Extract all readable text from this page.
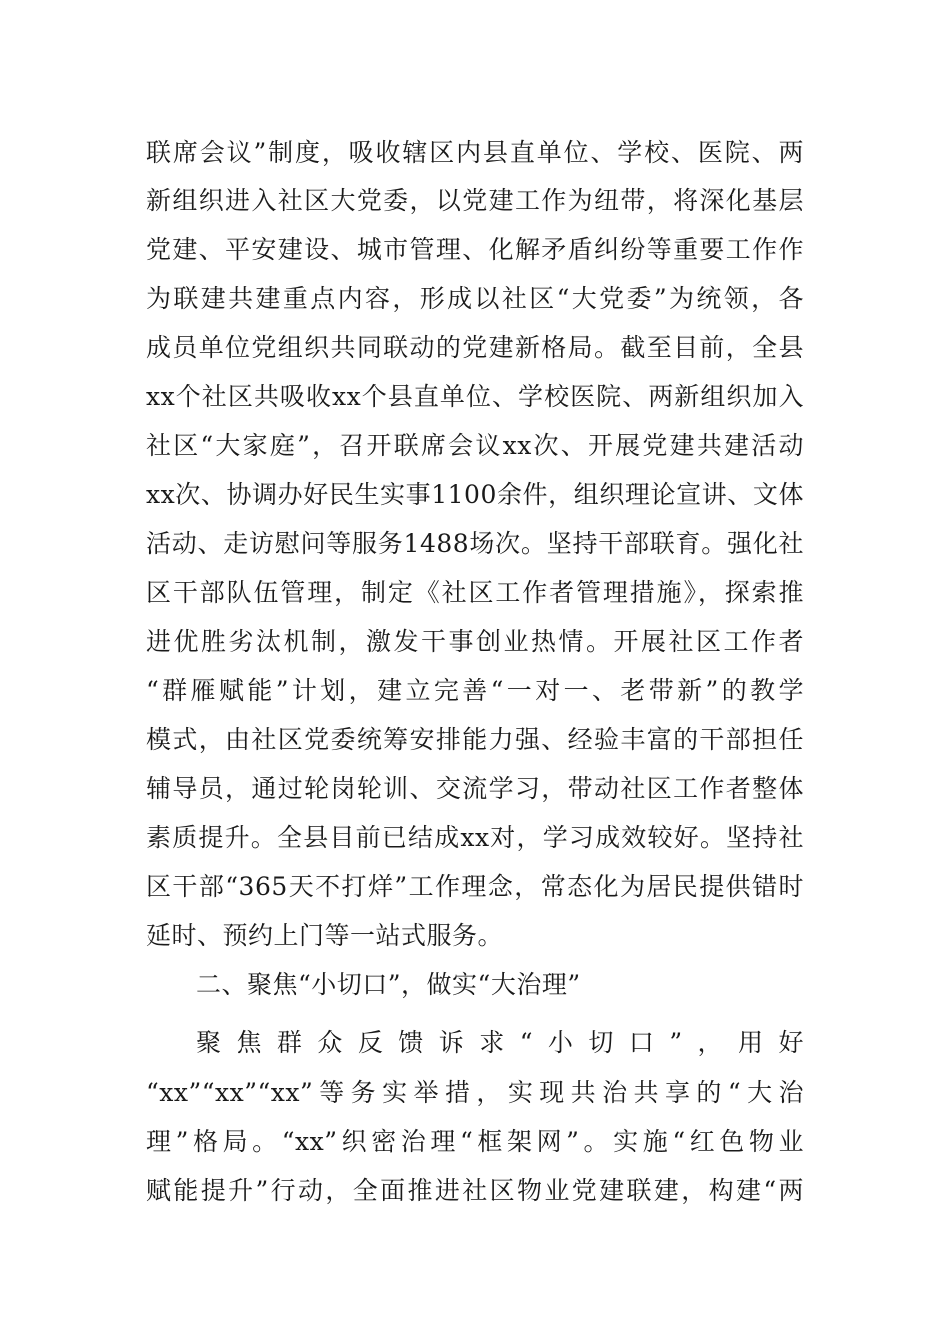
联席会议”制度，吸收辖区内县直单位、学校、医院、两
新组织进入社区大党委，以党建工作为纽带，将深化基层
党建、平安建设、城市管理、化解矛盾纠纷等重要工作作
为联建共建重点内容，形成以社区“大党委”为统领，各
成员单位党组织共同联动的党建新格局。截至目前，全县
xx个社区共吸收xx个县直单位、学校医院、两新组织加入
社区“大家庭”，召开联席会议xx次、开展党建共建活动
xx次、协调办好民生实事1100余件，组织理论宣讲、文体
活动、走访慰问等服务1488场次。坚持干部联育。强化社
区干部队伍管理，制定《社区工作者管理措施》，探索推
进优胜劣汰机制，激发干事创业热情。开展社区工作者
“群雁赋能”计划，建立完善“一对一、老带新”的教学
模式，由社区党委统筹安排能力强、经验丰富的干部担任
辅导员，通过轮岗轮训、交流学习，带动社区工作者整体
素质提升。全县目前已结成xx对，学习成效较好。坚持社
区干部“365天不打烊”工作理念，常态化为居民提供错时
延时、预约上门等一站式服务。
二、聚焦“小切口”，做实“大治理”
聚焦群众反馈诉求“小切口”，用好
“xx”“xx”“xx”等务实举措，实现共治共享的“大治
理”格局。“xx”织密治理“框架网”。实施“红色物业
赋能提升”行动，全面推进社区物业党建联建，构建“两
